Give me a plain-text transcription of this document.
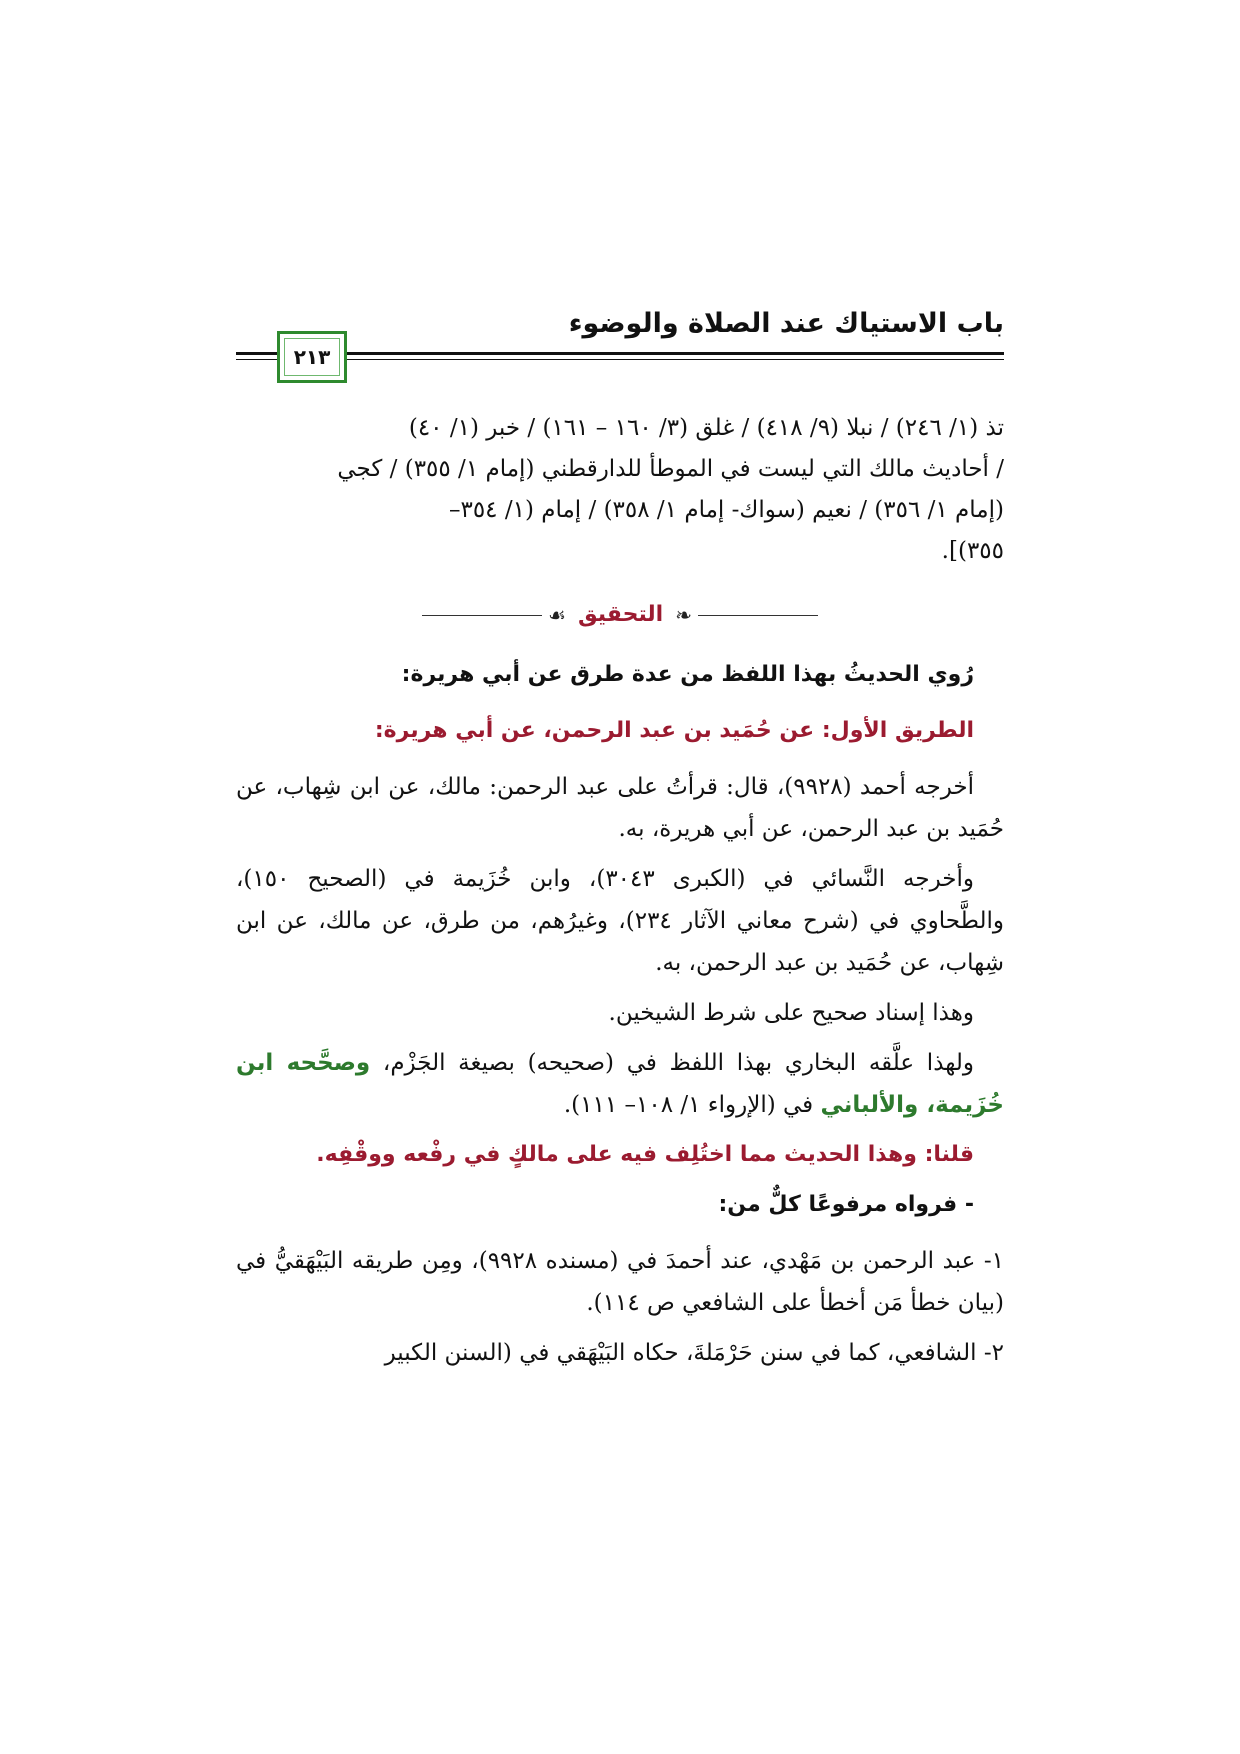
باب الاستياك عند الصلاة والوضوء
٢١٣

تذ (١/ ٢٤٦) / نبلا (٩/ ٤١٨) / غلق (٣/ ١٦٠ – ١٦١) / خبر (١/ ٤٠)

/ أحاديث مالك التي ليست في الموطأ للدارقطني (إمام ١/ ٣٥٥) / كجي

(إمام ١/ ٣٥٦) / نعيم (سواك- إمام ١/ ٣٥٨) / إمام (١/ ٣٥٤–

٣٥٥)].

❧
التحقيق
☙

رُوي الحديثُ بهذا اللفظ من عدة طرق عن أبي هريرة:

الطريق الأول: عن حُمَيد بن عبد الرحمن، عن أبي هريرة:

أخرجه أحمد (٩٩٢٨)، قال: قرأتُ على عبد الرحمن: مالك، عن ابن شِهاب، عن حُمَيد بن عبد الرحمن، عن أبي هريرة، به.

وأخرجه النَّسائي في (الكبرى ٣٠٤٣)، وابن خُزَيمة في (الصحيح ١٥٠)، والطَّحاوي في (شرح معاني الآثار ٢٣٤)، وغيرُهم، من طرق، عن مالك، عن ابن شِهاب، عن حُمَيد بن عبد الرحمن، به.

وهذا إسناد صحيح على شرط الشيخين.

ولهذا علَّقه البخاري بهذا اللفظ في (صحيحه) بصيغة الجَزْم، وصحَّحه ابن خُزَيمة، والألباني في (الإرواء ١/ ١٠٨– ١١١).

قلنا: وهذا الحديث مما اختُلِف فيه على مالكٍ في رفْعه ووقْفِه.

- فرواه مرفوعًا كلٌّ من:

١- عبد الرحمن بن مَهْدي، عند أحمدَ في (مسنده ٩٩٢٨)، ومِن طريقه البَيْهَقيُّ في (بيان خطأ مَن أخطأ على الشافعي ص ١١٤).

٢- الشافعي، كما في سنن حَرْمَلةَ، حكاه البَيْهَقي في (السنن الكبير
